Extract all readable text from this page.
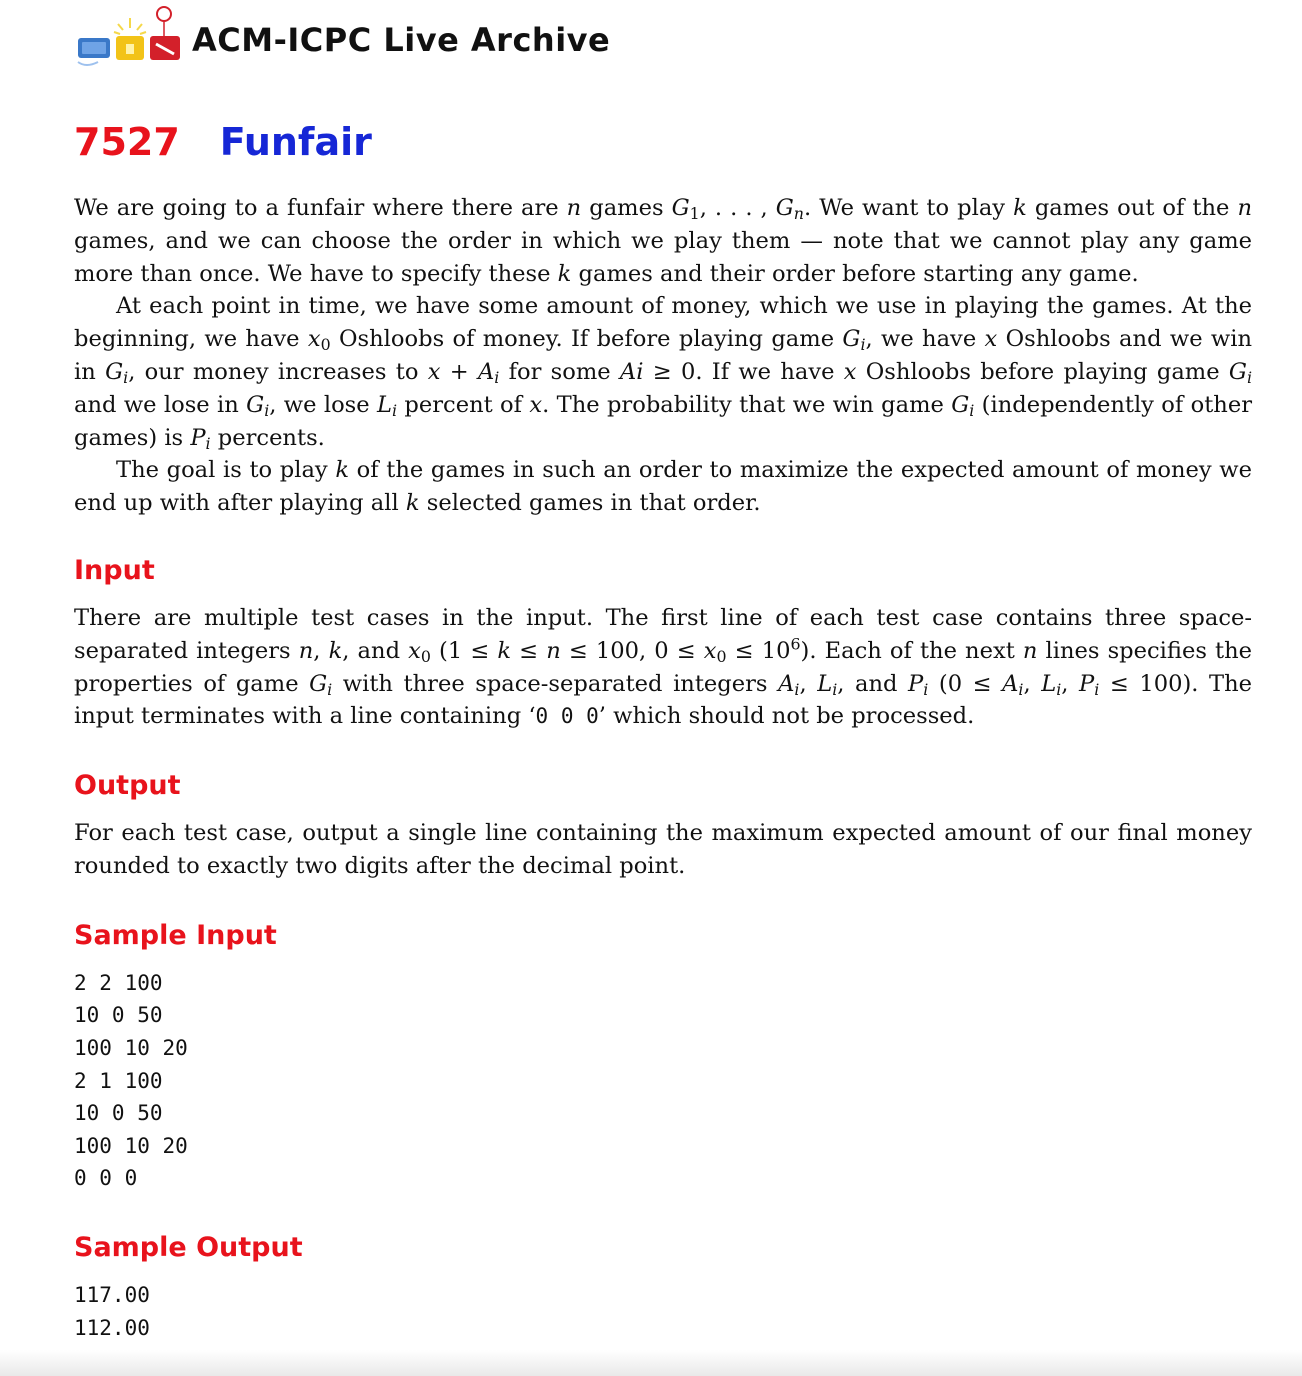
ACM-ICPC Live Archive
7527 Funfair

We are going to a funfair where there are n games $G_1$, . . . , $G_n$. We want to play k games out of the n games, and we can choose the order in which we play them — note that we cannot play any game more than once. We have to specify these k games and their order before starting any game.

At each point in time, we have some amount of money, which we use in playing the games. At the beginning, we have $x_0$ Oshloobs of money. If before playing game $G_i$, we have x Oshloobs and we win in $G_i$, our money increases to $x + A_i$ for some Ai ≥ 0. If we have x Oshloobs before playing game $G_i$ and we lose in $G_i$, we lose $L_i$ percent of x. The probability that we win game $G_i$ (independently of other games) is $P_i$ percents.

The goal is to play k of the games in such an order to maximize the expected amount of money we end up with after playing all k selected games in that order.

Input

There are multiple test cases in the input. The first line of each test case contains three space-separated integers n, k, and $x_0$ (1 ≤ k ≤ n ≤ 100, $0 \le x_0 \le 10^6$). Each of the next n lines specifies the properties of game $G_i$ with three space-separated integers $A_i$, $L_i$, and $P_i$ ($0 \le A_i$, $L_i$, $P_i \le 100$). The input terminates with a line containing ‘0 0 0’ which should not be processed.

Output

For each test case, output a single line containing the maximum expected amount of our final money rounded to exactly two digits after the decimal point.

Sample Input
2 2 100
10 0 50
100 10 20
2 1 100
10 0 50
100 10 20
0 0 0
Sample Output
117.00
112.00
